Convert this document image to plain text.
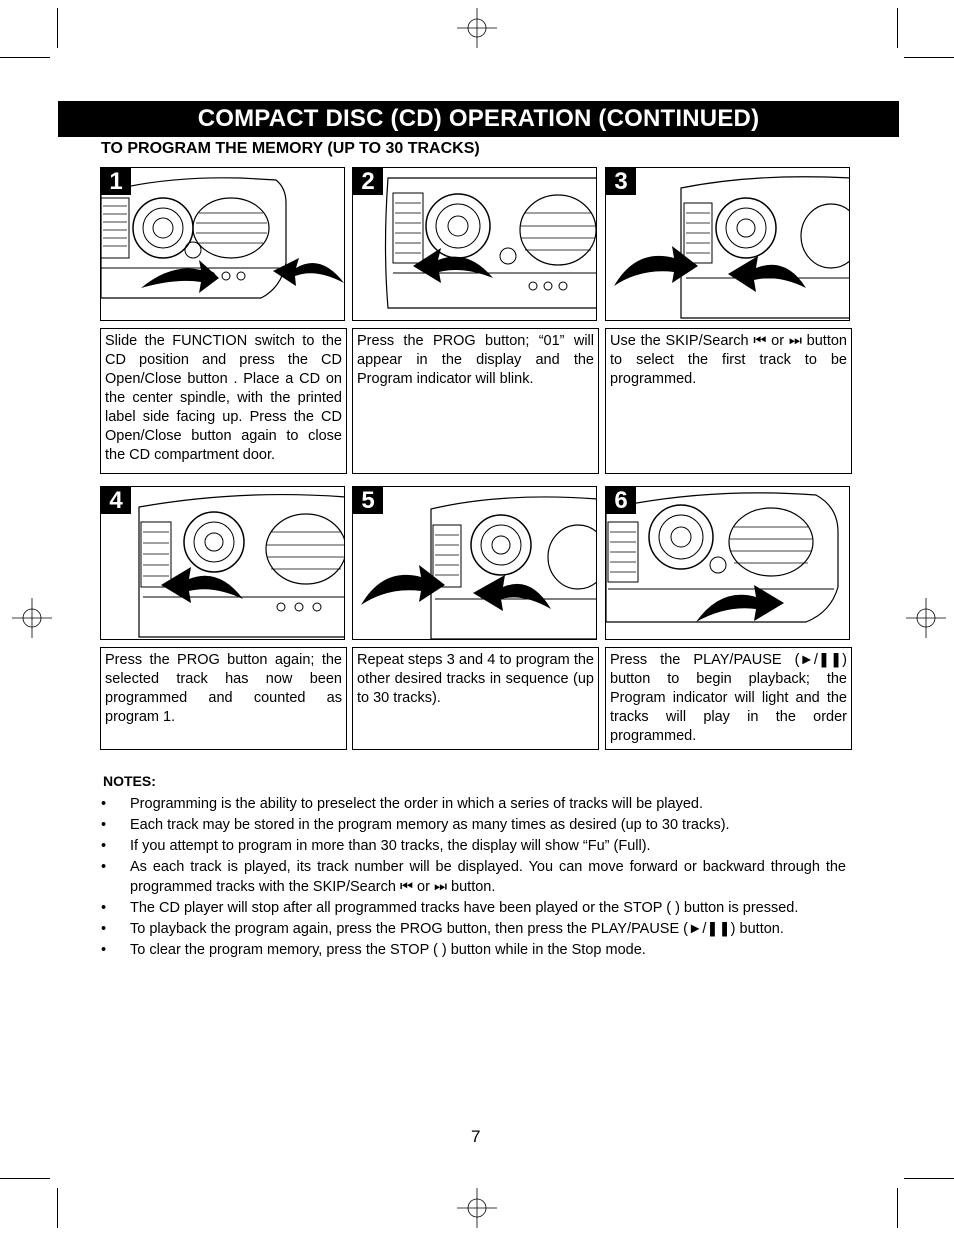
COMPACT DISC (CD) OPERATION (CONTINUED)
TO PROGRAM THE MEMORY (UP TO 30 TRACKS)
1	2	3
Slide the FUNCTION switch to the CD position and press the CD Open/Close button . Place a CD on the center spindle, with the printed label side facing up. Press the CD Open/Close button again to close the CD compartment door.
Press the PROG button; “01” will appear in the display and the Program indicator will blink.
Use the SKIP/Search ⏮ or ⏭ button to select the first track to be programmed.
4	5	6
Press the PROG button again; the selected track has now been programmed and counted as program 1.
Repeat steps 3 and 4 to program the other desired tracks in sequence (up to 30 tracks).
Press the PLAY/PAUSE (►/❚❚) button to begin playback; the Program indicator will light and the tracks will play in the order programmed.
NOTES:
• Programming is the ability to preselect the order in which a series of tracks will be played.
• Each track may be stored in the program memory as many times as desired (up to 30 tracks).
• If you attempt to program in more than 30 tracks, the display will show “Fu” (Full).
• As each track is played, its track number will be displayed. You can move forward or backward through the programmed tracks with the SKIP/Search ⏮ or ⏭ button.
• The CD player will stop after all programmed tracks have been played or the STOP ( ) button is pressed.
• To playback the program again, press the PROG button, then press the PLAY/PAUSE (►/❚❚) button.
• To clear the program memory, press the STOP ( ) button while in the Stop mode.
7
